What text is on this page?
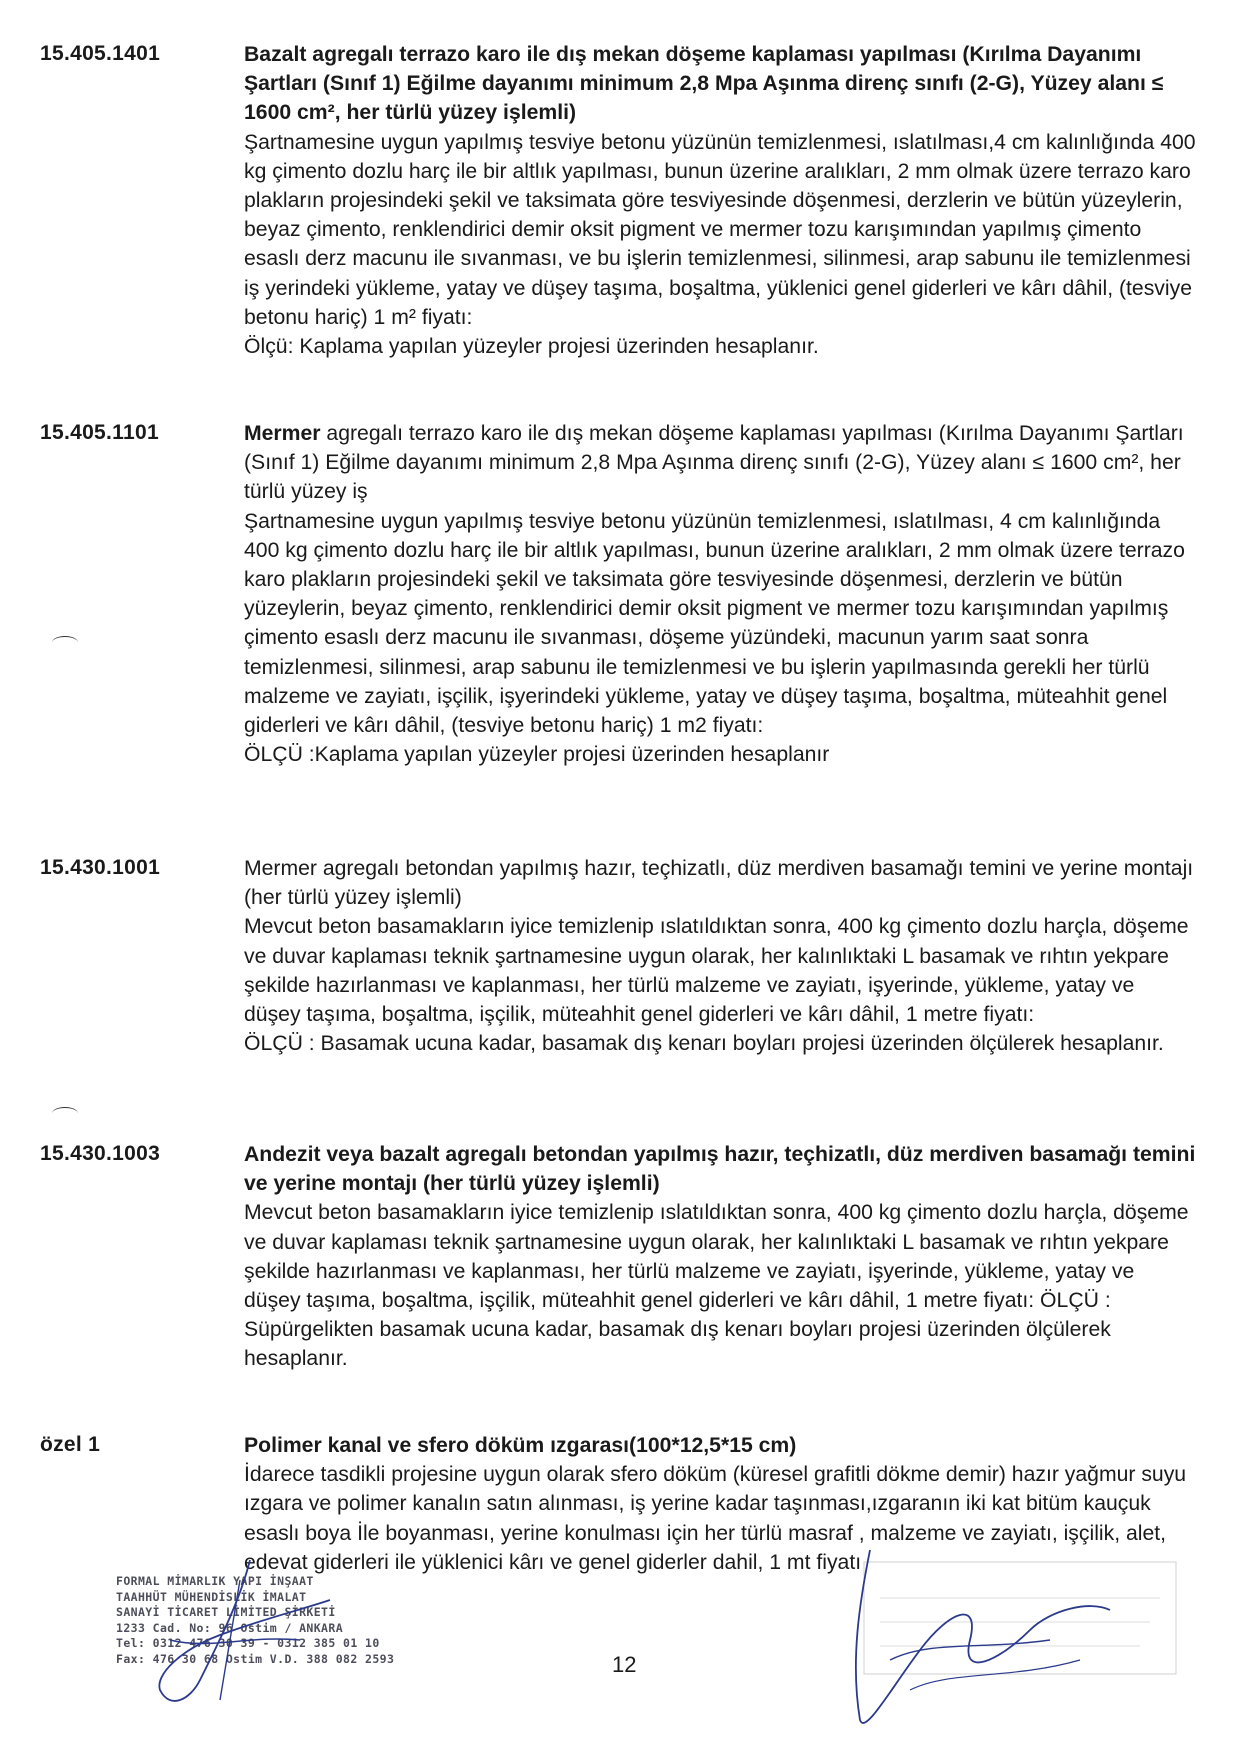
15.405.1401	Bazalt agregalı terrazo karo ile dış mekan döşeme kaplaması yapılması (Kırılma Dayanımı Şartları (Sınıf 1) Eğilme dayanımı minimum 2,8 Mpa Aşınma direnç sınıfı (2-G), Yüzey alanı ≤ 1600 cm², her türlü yüzey işlemli)

Şartnamesine uygun yapılmış tesviye betonu yüzünün temizlenmesi, ıslatılması,4 cm kalınlığında 400 kg çimento dozlu harç ile bir altlık yapılması, bunun üzerine aralıkları, 2 mm olmak üzere terrazo karo plakların projesindeki şekil ve taksimata göre tesviyesinde döşenmesi, derzlerin ve bütün yüzeylerin, beyaz çimento, renklendirici demir oksit pigment ve mermer tozu karışımından yapılmış çimento esaslı derz macunu ile sıvanması, ve bu işlerin temizlenmesi, silinmesi, arap sabunu ile temizlenmesi iş yerindeki yükleme, yatay ve düşey taşıma, boşaltma, yüklenici genel giderleri ve kârı dâhil, (tesviye betonu hariç) 1 m² fiyatı:

Ölçü: Kaplama yapılan yüzeyler projesi üzerinden hesaplanır.

15.405.1101	Mermer agregalı terrazo karo ile dış mekan döşeme kaplaması yapılması (Kırılma Dayanımı Şartları (Sınıf 1) Eğilme dayanımı minimum 2,8 Mpa Aşınma direnç sınıfı (2-G), Yüzey alanı ≤ 1600 cm², her türlü yüzey iş

Şartnamesine uygun yapılmış tesviye betonu yüzünün temizlenmesi, ıslatılması, 4 cm kalınlığında 400 kg çimento dozlu harç ile bir altlık yapılması, bunun üzerine aralıkları, 2 mm olmak üzere terrazo karo plakların projesindeki şekil ve taksimata göre tesviyesinde döşenmesi, derzlerin ve bütün yüzeylerin, beyaz çimento, renklendirici demir oksit pigment ve mermer tozu karışımından yapılmış çimento esaslı derz macunu ile sıvanması, döşeme yüzündeki, macunun yarım saat sonra temizlenmesi, silinmesi, arap sabunu ile temizlenmesi ve bu işlerin yapılmasında gerekli her türlü malzeme ve zayiatı, işçilik, işyerindeki yükleme, yatay ve düşey taşıma, boşaltma, müteahhit genel giderleri ve kârı dâhil, (tesviye betonu hariç) 1 m2 fiyatı:

ÖLÇÜ :Kaplama yapılan yüzeyler projesi üzerinden hesaplanır

15.430.1001	Mermer agregalı betondan yapılmış hazır, teçhizatlı, düz merdiven basamağı temini ve yerine montajı (her türlü yüzey işlemli)

Mevcut beton basamakların iyice temizlenip ıslatıldıktan sonra, 400 kg çimento dozlu harçla, döşeme ve duvar kaplaması teknik şartnamesine uygun olarak, her kalınlıktaki L basamak ve rıhtın yekpare şekilde hazırlanması ve kaplanması, her türlü malzeme ve zayiatı, işyerinde, yükleme, yatay ve düşey taşıma, boşaltma, işçilik, müteahhit genel giderleri ve kârı dâhil, 1 metre fiyatı:

ÖLÇÜ : Basamak ucuna kadar, basamak dış kenarı boyları projesi üzerinden ölçülerek hesaplanır.

15.430.1003	Andezit veya bazalt agregalı betondan yapılmış hazır, teçhizatlı, düz merdiven basamağı temini ve yerine montajı (her türlü yüzey işlemli)

Mevcut beton basamakların iyice temizlenip ıslatıldıktan sonra, 400 kg çimento dozlu harçla, döşeme ve duvar kaplaması teknik şartnamesine uygun olarak, her kalınlıktaki L basamak ve rıhtın yekpare şekilde hazırlanması ve kaplanması, her türlü malzeme ve zayiatı, işyerinde, yükleme, yatay ve düşey taşıma, boşaltma, işçilik, müteahhit genel giderleri ve kârı dâhil, 1 metre fiyatı: ÖLÇÜ : Süpürgelikten basamak ucuna kadar, basamak dış kenarı boyları projesi üzerinden ölçülerek hesaplanır.

özel 1	Polimer kanal ve sfero döküm ızgarası(100*12,5*15 cm)

İdarece tasdikli projesine uygun olarak sfero döküm (küresel grafitli dökme demir) hazır yağmur suyu ızgara ve polimer kanalın satın alınması, iş yerine kadar taşınması,ızgaranın iki kat bitüm kauçuk esaslı boya İle boyanması, yerine konulması için her türlü masraf , malzeme ve zayiatı, işçilik, alet, edevat giderleri ile yüklenici kârı ve genel giderler dahil, 1 mt fiyatı

FORMAL MİMARLIK YAPI İNŞAAT
TAAHHÜT MÜHENDİSLİK İMALAT
SANAYİ TİCARET LİMİTED ŞİRKETİ
1233 Cad. No: 96 Ostim / ANKARA
Tel: 0312 476 30 39 - 0312 385 01 10
Fax: 476 30 68 Ostim V.D. 388 082 2593	12
